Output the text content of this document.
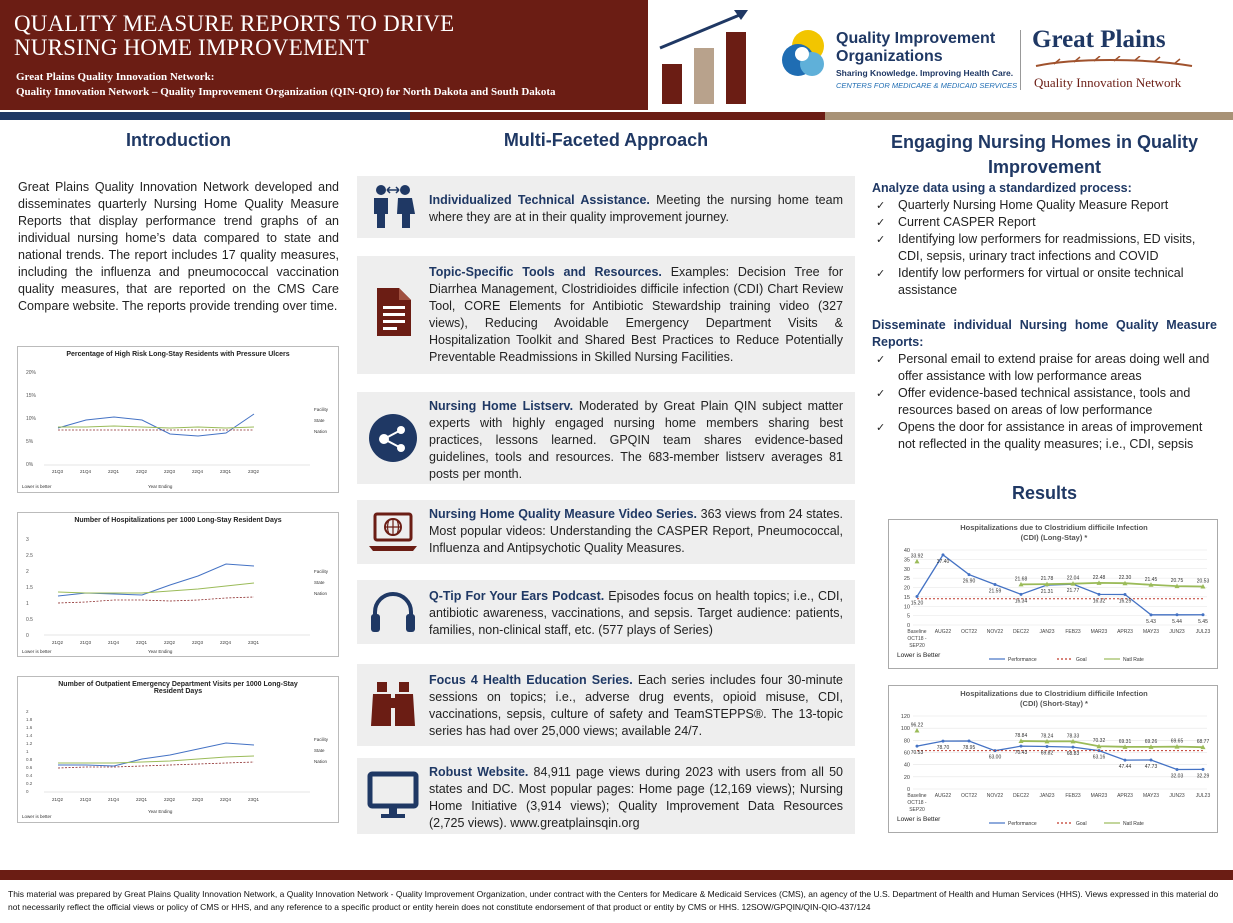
QUALITY MEASURE REPORTS TO DRIVE
NURSING HOME IMPROVEMENT
Great Plains Quality Innovation Network:
Quality Innovation Network – Quality Improvement Organization (QIN-QIO) for North Dakota and South Dakota
Quality Improvement
Organizations
Sharing Knowledge. Improving Health Care.
CENTERS FOR MEDICARE & MEDICAID SERVICES
Great Plains
Quality Innovation Network
Introduction

Great Plains Quality Innovation Network developed and disseminates quarterly Nursing Home Quality Measure Reports that display performance trend graphs of an individual nursing home’s data compared to state and national trends. The report includes 17 quality measures, including the influenza and pneumococcal vaccination quality measures, that are reported on the CMS Care Compare website. The reports provide trending over time.

Percentage of High Risk Long-Stay Residents with Pressure Ulcers
20%
15%
10%
5%
0%
21Q3	21Q4	22Q1	22Q2	22Q3	22Q4	23Q1	23Q2
Facility
State
Nation
Lower is better	Year Ending
Number of Hospitalizations per 1000 Long-Stay Resident Days
3
2.5
2
1.5
1
0.5
0
21Q2	21Q3	21Q4	22Q1	22Q2	22Q3	22Q4	23Q1
Facility
State
Nation
Lower is better	Year Ending
Number of Outpatient Emergency Department Visits per 1000 Long-Stay Resident Days
2
1.8
1.6
1.4
1.2
1
0.8
0.6
0.4
0.2
0
21Q2	21Q3	21Q4	22Q1	22Q2	22Q3	22Q4	23Q1
Facility
State
Nation
Lower is better
Year Ending
Multi-Faceted Approach
Individualized Technical Assistance. Meeting the nursing home team where they are at in their quality improvement journey.
Topic-Specific Tools and Resources. Examples: Decision Tree for Diarrhea Management, Clostridioides difficile infection (CDI) Chart Review Tool, CORE Elements for Antibiotic Stewardship training video (327 views), Reducing Avoidable Emergency Department Visits & Hospitalization Toolkit and Shared Best Practices to Reduce Potentially Preventable Readmissions in Skilled Nursing Facilities.
Nursing Home Listserv. Moderated by Great Plain QIN subject matter experts with highly engaged nursing home members sharing best practices, lessons learned. GPQIN team shares evidence-based guidelines, tools and resources. The 683-member listserv averages 81 posts per month.
Nursing Home Quality Measure Video Series. 363 views from 24 states. Most popular videos: Understanding the CASPER Report, Pneumococcal, Influenza and Antipsychotic Quality Measures.
Q-Tip For Your Ears Podcast. Episodes focus on health topics; i.e., CDI, antibiotic awareness, vaccinations, and sepsis. Target audience: patients, families, non-clinical staff, etc. (577 plays of Series)
Focus 4 Health Education Series. Each series includes four 30-minute sessions on topics; i.e., adverse drug events, opioid misuse, CDI, vaccinations, sepsis, culture of safety and TeamSTEPPS®. The 13-topic series has had over 25,000 views; available 24/7.
Robust Website. 84,911 page views during 2023 with users from all 50 states and DC. Most popular pages: Home page (12,169 views); Nursing Home Initiative (3,914 views); Quality Improvement Data Resources (2,725 views). www.greatplainsqin.org
Engaging Nursing Homes in Quality Improvement
Analyze data using a standardized process:
✓ Quarterly Nursing Home Quality Measure Report
✓ Current CASPER Report
✓ Identifying low performers for readmissions, ED visits, CDI, sepsis, urinary tract infections and COVID
✓ Identify low performers for virtual or onsite technical assistance
Disseminate individual Nursing home Quality Measure Reports:
✓ Personal email to extend praise for areas doing well and offer assistance with low performance areas
✓ Offer evidence-based technical assistance, tools and resources based on areas of low performance
✓ Opens the door for assistance in areas of improvement not reflected in the quality measures; i.e., CDI, sepsis
Results
Hospitalizations due to Clostridium difficile Infection
(CDI) (Long-Stay) *
40
35
30
25
20
15
10
5
0
Baseline
OCT18 -
SEP20
AUG22 OCT22 NOV22 DEC22 JAN23 FEB23 MAR23 APR23 MAY23 JUN23 JUL23
15.20
37.40
26.90
21.59
16.34
21.31	21.77
16.32	16.25
5.43	5.44	5.45
33.92
21.68	21.78	22.04	22.48	22.30	21.45	20.75	20.53
Lower is Better
Performance	Goal	Natl Rate
Hospitalizations due to Clostridium difficile Infection
(CDI) (Short-Stay) *
120
100
80
60
40
20
0
Baseline
OCT18 -
SEP20
AUG22 OCT22 NOV22 DEC22 JAN23 FEB23 MAR23 APR23 MAY23 JUN23 JUL23
70.53
78.70	78.95
63.00
70.43	69.82	68.83
63.16
47.44	47.73
32.03	32.29
96.22
78.84	78.24	78.33
70.32	69.31	69.26	69.65	68.77
Lower is Better
Performance	Goal	Natl Rate

This material was prepared by Great Plains Quality Innovation Network, a Quality Innovation Network - Quality Improvement Organization, under contract with the Centers for Medicare & Medicaid Services (CMS), an agency of the U.S. Department of Health and Human Services (HHS). Views expressed in this material do not necessarily reflect the official views or policy of CMS or HHS, and any reference to a specific product or entity herein does not constitute endorsement of that product or entity by CMS or HHS. 12SOW/GPQIN/QIN-QIO-437/124
